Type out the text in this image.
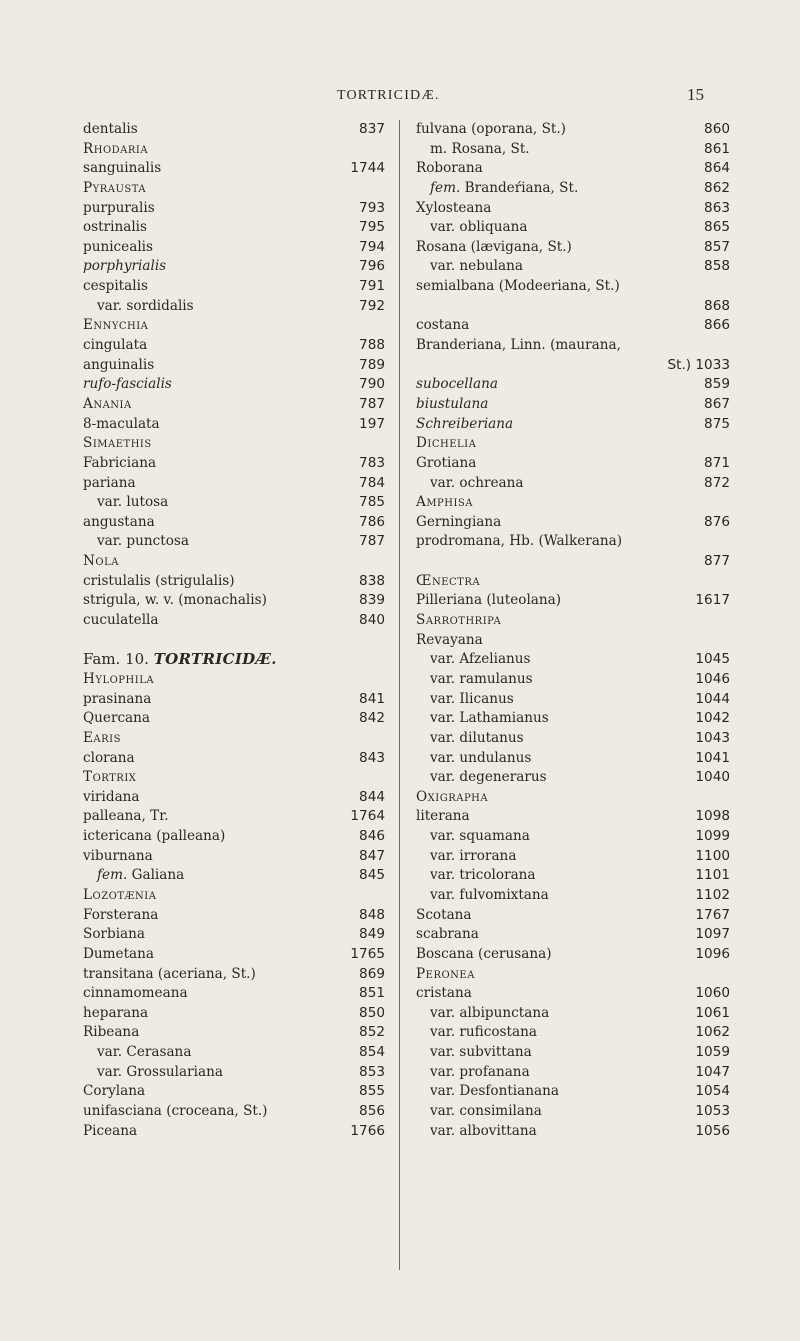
TORTRICIDÆ.	15
dentalis	837
Rhodaria
sanguinalis	1744
Pyrausta
purpuralis	793
ostrinalis	795
punicealis	794
porphyrialis	796
cespitalis	791
var. sordidalis	792
Ennychia
cingulata	788
anguinalis	789
rufo-fascialis	790
Anania	787
8-maculata	197
Simaethis
Fabriciana	783
pariana	784
var. lutosa	785
angustana	786
var. punctosa	787
Nola
cristulalis (strigulalis)	838
strigula, w. v. (monachalis)	839
cuculatella	840
Fam. 10. TORTRICIDÆ.
Hylophila
prasinana	841
Quercana	842
Earis
clorana	843
Tortrix
viridana	844
palleana, Tr.	1764
ictericana (palleana)	846
viburnana	847
fem. Galiana	845
Lozotænia
Forsterana	848
Sorbiana	849
Dumetana	1765
transitana (aceriana, St.)	869
cinnamomeana	851
heparana	850
Ribeana	852
var. Cerasana	854
var. Grossulariana	853
Corylana	855
unifasciana (croceana, St.)	856
Piceana	1766
fulvana (oporana, St.)	860
m. Rosana, St.	861
Roborana	864
fem. Brandeŕiana, St.	862
Xylosteana	863
var. obliquana	865
Rosana (lævigana, St.)	857
var. nebulana	858
semialbana (Modeeriana, St.)
868
costana	866
Branderiana, Linn. (maurana,
St.) 1033
subocellana	859
biustulana	867
Schreiberiana	875
Dichelia
Grotiana	871
var. ochreana	872
Amphisa
Gerningiana	876
prodromana, Hb. (Walkerana)
877
Œnectra
Pilleriana (luteolana)	1617
Sarrothripa
Revayana
var. Afzelianus	1045
var. ramulanus	1046
var. Ilicanus	1044
var. Lathamianus	1042
var. dilutanus	1043
var. undulanus	1041
var. degenerarus	1040
Oxigrapha
literana	1098
var. squamana	1099
var. irrorana	1100
var. tricolorana	1101
var. fulvomixtana	1102
Scotana	1767
scabrana	1097
Boscana (cerusana)	1096
Peronea
cristana	1060
var. albipunctana	1061
var. ruficostana	1062
var. subvittana	1059
var. profanana	1047
var. Desfontianana	1054
var. consimilana	1053
var. albovittana	1056
